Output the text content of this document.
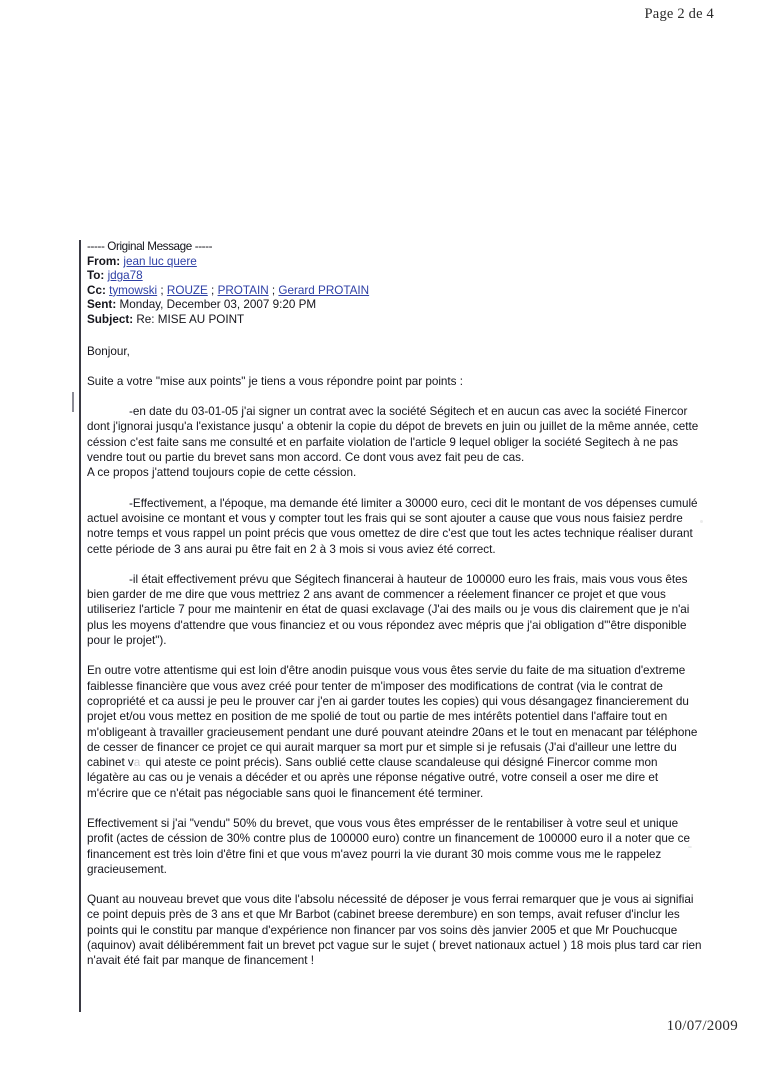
Page 2 de 4
----- Original Message -----
From: jean luc quere
To: jdga78
Cc: tymowski ; ROUZE ; PROTAIN ; Gerard PROTAIN
Sent: Monday, December 03, 2007 9:20 PM
Subject: Re: MISE AU POINT

Bonjour,

Suite a votre "mise aux points" je tiens a vous répondre point par points :

-en date du 03-01-05 j'ai signer un contrat avec la société Ségitech et en aucun cas avec la société Finercor dont j'ignorai jusqu'a l'existance jusqu' a obtenir la copie du dépot de brevets en juin ou juillet de la même année, cette céssion c'est faite sans me consulté et en parfaite violation de l'article 9 lequel obliger la société Segitech à ne pas vendre tout ou partie du brevet sans mon accord. Ce dont vous avez fait peu de cas.

A ce propos j'attend toujours copie de cette céssion.

-Effectivement, a l'époque, ma demande été limiter a 30000 euro, ceci dit le montant de vos dépenses cumulé actuel avoisine ce montant et vous y compter tout les frais qui se sont ajouter a cause que vous nous faisiez perdre notre temps et vous rappel un point précis que vous omettez de dire c'est que tout les actes technique réaliser durant cette période de 3 ans aurai pu être fait en 2 à 3 mois si vous aviez été correct.

-il était effectivement prévu que Ségitech financerai à hauteur de 100000 euro les frais, mais vous vous êtes bien garder de me dire que vous mettriez 2 ans avant de commencer a réelement financer ce projet et que vous utiliseriez l'article 7 pour me maintenir en état de quasi exclavage (J'ai des mails ou je vous dis clairement que je n'ai plus les moyens d'attendre que vous financiez et ou vous répondez avec mépris que j'ai obligation d'"être disponible pour le projet").

En outre votre attentisme qui est loin d'être anodin puisque vous vous êtes servie du faite de ma situation d'extreme faiblesse financière que vous avez créé pour tenter de m'imposer des modifications de contrat (via le contrat de copropriété et ca aussi je peu le prouver car j'en ai garder toutes les copies) qui vous désangagez financierement du projet et/ou vous mettez en position de me spolié de tout ou partie de mes intérêts potentiel dans l'affaire tout en m'obligeant à travailler gracieusement pendant une duré pouvant ateindre 20ans et le tout en menacant par téléphone de cesser de financer ce projet ce qui aurait marquer sa mort pur et simple si je refusais (J'ai d'ailleur une lettre du cabinet va qui ateste ce point précis). Sans oublié cette clause scandaleuse qui désigné Finercor comme mon légatère au cas ou je venais a décéder et ou après une réponse négative outré, votre conseil a oser me dire et m'écrire que ce n'était pas négociable sans quoi le financement été terminer.

Effectivement si j'ai "vendu" 50% du brevet, que vous vous êtes emprésser de le rentabiliser à votre seul et unique profit (actes de céssion de 30% contre plus de 100000 euro) contre un financement de 100000 euro il a noter que ce financement est très loin d'être fini et que vous m'avez pourri la vie durant 30 mois comme vous me le rappelez gracieusement.

Quant au nouveau brevet que vous dite l'absolu nécessité de déposer je vous ferrai remarquer que je vous ai signifiai ce point depuis près de 3 ans et que Mr Barbot (cabinet breese derembure) en son temps, avait refuser d'inclur les points qui le constitu par manque d'expérience non financer par vos soins dès janvier 2005 et que Mr Pouchucque (aquinov) avait délibéremment fait un brevet pct vague sur le sujet ( brevet nationaux actuel ) 18 mois plus tard car rien n'avait été fait par manque de financement !

10/07/2009
